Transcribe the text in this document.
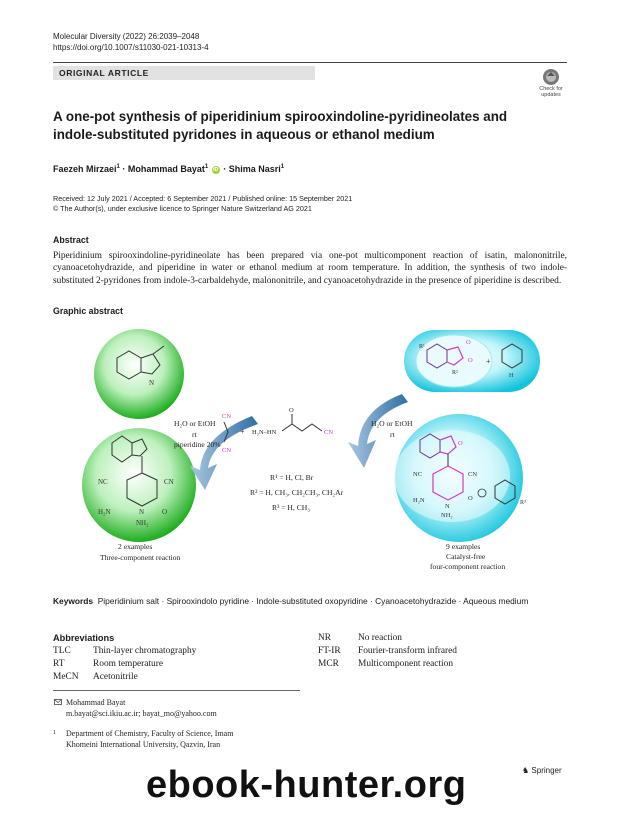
Molecular Diversity (2022) 26:2039–2048
https://doi.org/10.1007/s11030-021-10313-4
ORIGINAL ARTICLE
Check for
updates
A one-pot synthesis of piperidinium spirooxindoline-pyridineolates and indole-substituted pyridones in aqueous or ethanol medium
Faezeh Mirzaei$^1$ · Mohammad Bayat$^1$ iD · Shima Nasri$^1$
Received: 12 July 2021 / Accepted: 6 September 2021 / Published online: 15 September 2021
© The Author(s), under exclusive licence to Springer Nature Switzerland AG 2021
Abstract
Piperidinium spirooxindoline-pyridineolate has been prepared via one-pot multicomponent reaction of isatin, malononitrile, cyanoacetohydrazide, and piperidine in water or ethanol medium at room temperature. In addition, the synthesis of two indole-substituted 2-pyridones from indole-3-carbaldehyde, malononitrile, and cyanoacetohydrazide in the presence of piperidine is described.
Graphic abstract
N
NC	CN
H₂N	N	O
NH₂
H₂O or EtOH
rt
piperidine 20%
CN
CN
+ H₂N–HN
O
CN
R¹ = H, Cl, Br
R² = H, CH₃, CH₂CH₃, CH₂Ar
R³ = H, CH₃
H₂O or EtOH
rt
O
O
R¹
R²
+
H
O
NC	CN
H₂N
N
O
NH₂
R³
2 examples
Three-component reaction
9 examples
Catalyst-free
four-component reaction
Keywords Piperidinium salt · Spirooxindolo pyridine · Indole-substituted oxopyridine · Cyanoacetohydrazide · Aqueous medium
Abbreviations
TLC	Thin-layer chromatography
RT	Room temperature
MeCN	Acetonitrile
NR	No reaction
FT-IR	Fourier-transform infrared
MCR	Multicomponent reaction
Mohammad Bayat
m.bayat@sci.ikiu.ac.ir; bayat_mo@yahoo.com
1 Department of Chemistry, Faculty of Science, Imam
Khomeini International University, Qazvin, Iran
♞ Springer
ebook-hunter.org
